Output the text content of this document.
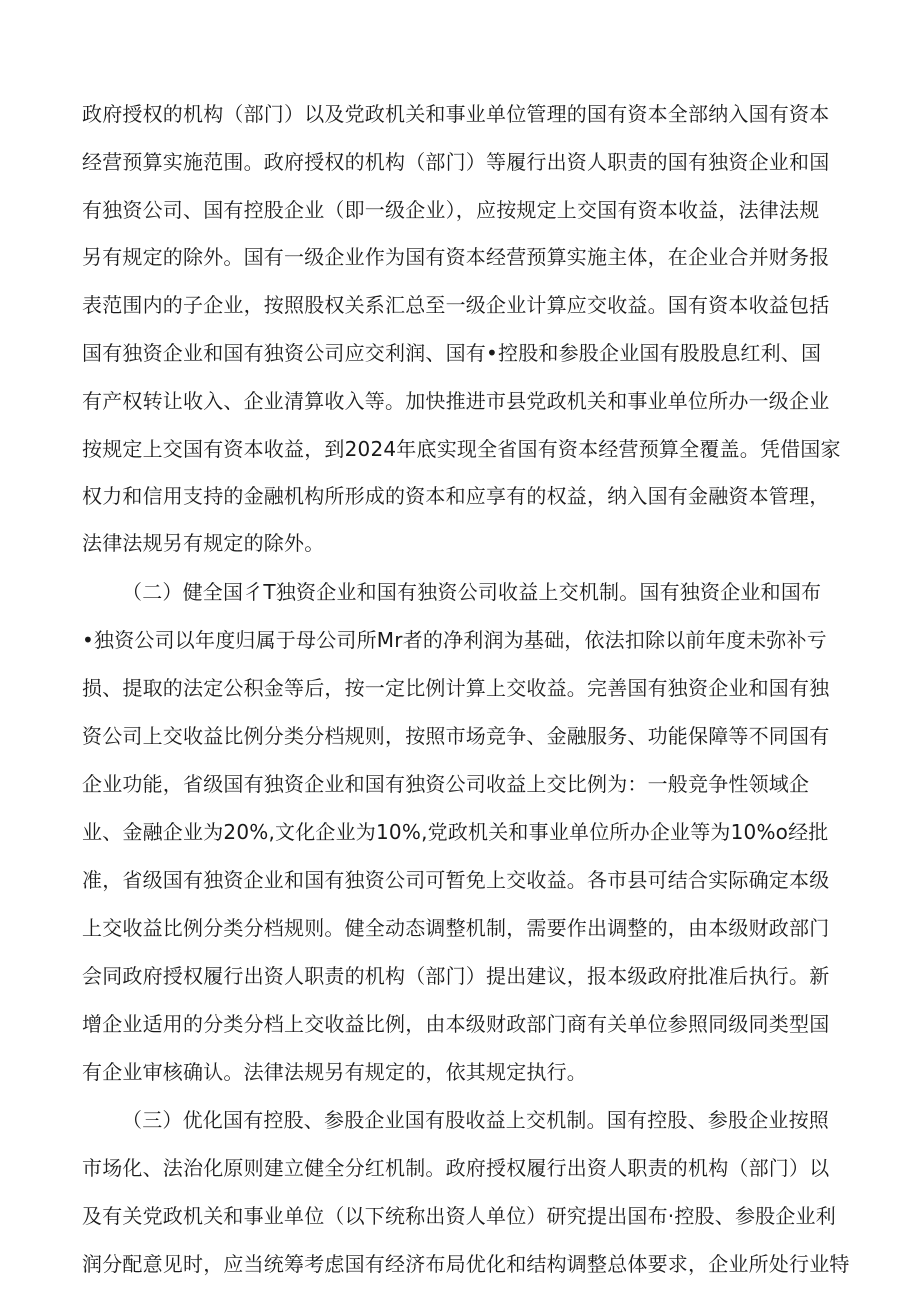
政府授权的机构（部门）以及党政机关和事业单位管理的国有资本全部纳入国有资本
经营预算实施范围。政府授权的机构（部门）等履行出资人职责的国有独资企业和国
有独资公司、国有控股企业（即一级企业），应按规定上交国有资本收益，法律法规
另有规定的除外。国有一级企业作为国有资本经营预算实施主体，在企业合并财务报
表范围内的子企业，按照股权关系汇总至一级企业计算应交收益。国有资本收益包括
国有独资企业和国有独资公司应交利润、国有•控股和参股企业国有股股息红利、国
有产权转让收入、企业清算收入等。加快推进市县党政机关和事业单位所办一级企业
按规定上交国有资本收益，到2024年底实现全省国有资本经营预算全覆盖。凭借国家
权力和信用支持的金融机构所形成的资本和应享有的权益，纳入国有金融资本管理，
法律法规另有规定的除外。
（二）健全国彳T独资企业和国有独资公司收益上交机制。国有独资企业和国布
•独资公司以年度归属于母公司所Mr者的净利润为基础，依法扣除以前年度未弥补亏
损、提取的法定公积金等后，按一定比例计算上交收益。完善国有独资企业和国有独
资公司上交收益比例分类分档规则，按照市场竞争、金融服务、功能保障等不同国有
企业功能，省级国有独资企业和国有独资公司收益上交比例为：一般竞争性领域企
业、金融企业为20%,文化企业为10%,党政机关和事业单位所办企业等为10%o经批
准，省级国有独资企业和国有独资公司可暂免上交收益。各市县可结合实际确定本级
上交收益比例分类分档规则。健全动态调整机制，需要作出调整的，由本级财政部门
会同政府授权履行出资人职责的机构（部门）提出建议，报本级政府批准后执行。新
增企业适用的分类分档上交收益比例，由本级财政部门商有关单位参照同级同类型国
有企业审核确认。法律法规另有规定的，依其规定执行。
（三）优化国有控股、参股企业国有股收益上交机制。国有控股、参股企业按照
市场化、法治化原则建立健全分红机制。政府授权履行出资人职责的机构（部门）以
及有关党政机关和事业单位（以下统称出资人单位）研究提出国布·控股、参股企业利
润分配意见时，应当统筹考虑国有经济布局优化和结构调整总体要求，企业所处行业特
